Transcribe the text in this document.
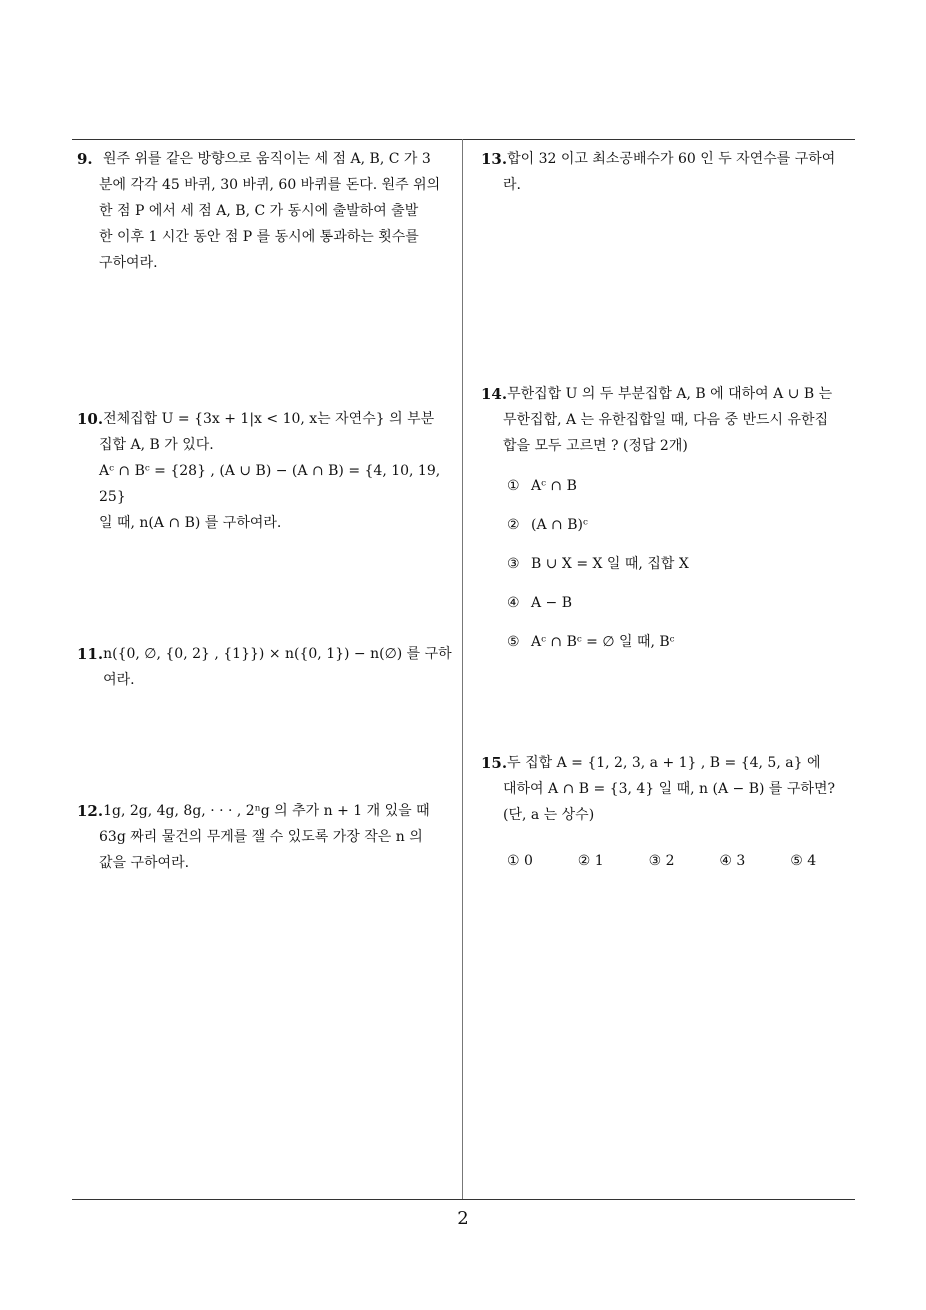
9. 원주 위를 같은 방향으로 움직이는 세 점 A, B, C 가 3
분에 각각 45 바퀴, 30 바퀴, 60 바퀴를 돈다. 원주 위의
한 점 P 에서 세 점 A, B, C 가 동시에 출발하여 출발
한 이후 1 시간 동안 점 P 를 동시에 통과하는 횟수를
구하여라.
10. 전체집합 U = {3x + 1|x < 10, x는 자연수} 의 부분
집합 A, B 가 있다.
Aᶜ ∩ Bᶜ = {28} , (A ∪ B) − (A ∩ B) = {4, 10, 19, 25}
일 때, n(A ∩ B) 를 구하여라.
11. n({0, ∅, {0, 2} , {1}}) × n({0, 1}) − n(∅) 를 구하여라.
12. 1g, 2g, 4g, 8g, · · · , 2ⁿg 의 추가 n + 1 개 있을 때
63g 짜리 물건의 무게를 잴 수 있도록 가장 작은 n 의
값을 구하여라.
13. 합이 32 이고 최소공배수가 60 인 두 자연수를 구하여
라.
14. 무한집합 U 의 두 부분집합 A, B 에 대하여 A ∪ B 는
무한집합, A 는 유한집합일 때, 다음 중 반드시 유한집
합을 모두 고르면 ? (정답 2개)
① Aᶜ ∩ B
② (A ∩ B)ᶜ
③ B ∪ X = X 일 때, 집합 X
④ A − B
⑤ Aᶜ ∩ Bᶜ = ∅ 일 때, Bᶜ
15. 두 집합 A = {1, 2, 3, a + 1} , B = {4, 5, a} 에
대하여 A ∩ B = {3, 4} 일 때, n (A − B) 를 구하면?
(단, a 는 상수)
① 0	② 1	③ 2	④ 3	⑤ 4
2
